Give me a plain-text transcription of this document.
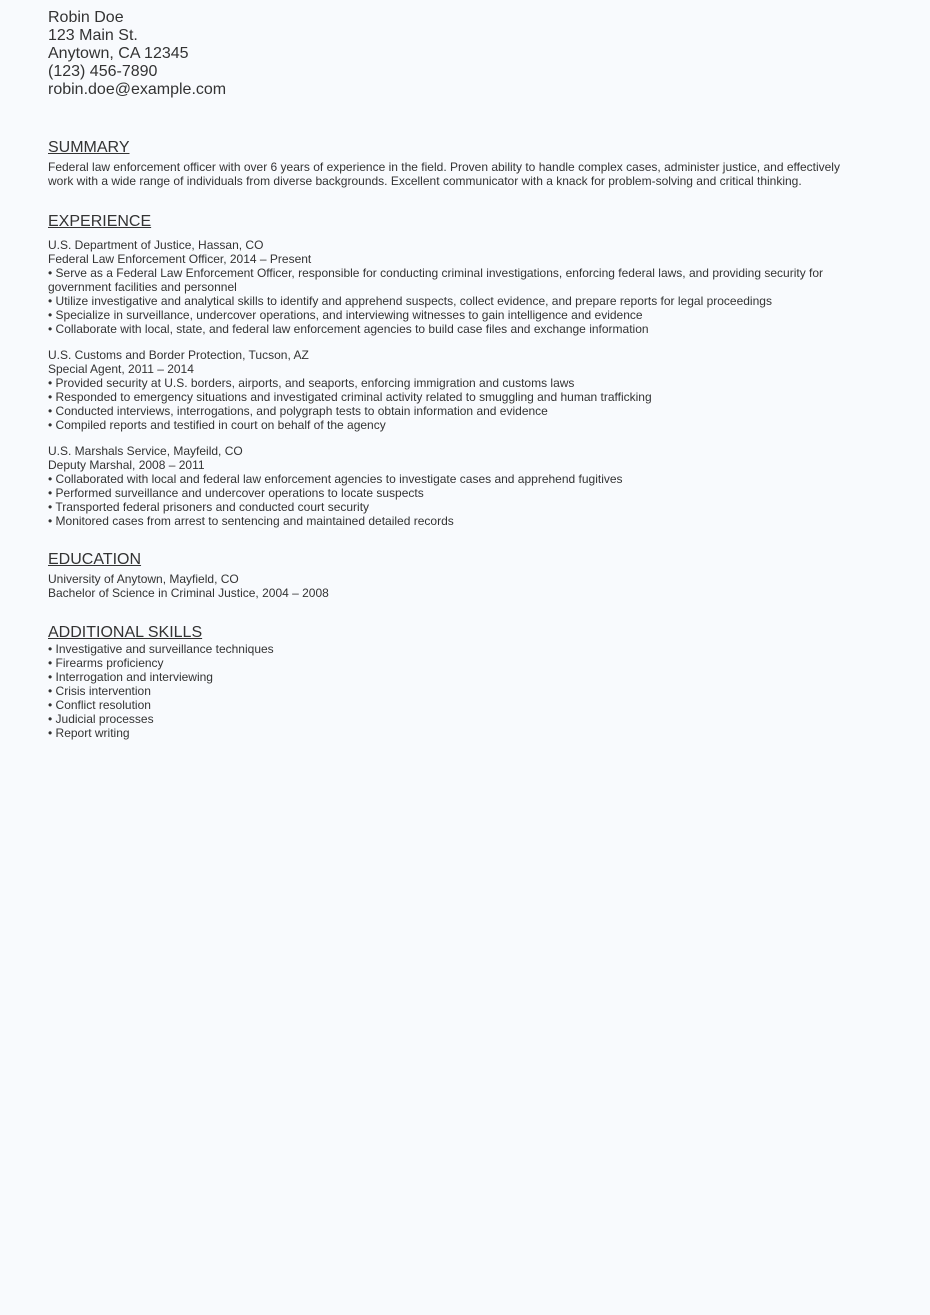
Robin Doe

123 Main St.

Anytown, CA 12345

(123) 456-7890

robin.doe@example.com

SUMMARY

Federal law enforcement officer with over 6 years of experience in the field. Proven ability to handle complex cases, administer justice, and effectively work with a wide range of individuals from diverse backgrounds. Excellent communicator with a knack for problem-solving and critical thinking.

EXPERIENCE

U.S. Department of Justice, Hassan, CO

Federal Law Enforcement Officer, 2014 – Present

• Serve as a Federal Law Enforcement Officer, responsible for conducting criminal investigations, enforcing federal laws, and providing security for government facilities and personnel
• Utilize investigative and analytical skills to identify and apprehend suspects, collect evidence, and prepare reports for legal proceedings
• Specialize in surveillance, undercover operations, and interviewing witnesses to gain intelligence and evidence
• Collaborate with local, state, and federal law enforcement agencies to build case files and exchange information

U.S. Customs and Border Protection, Tucson, AZ

Special Agent, 2011 – 2014

• Provided security at U.S. borders, airports, and seaports, enforcing immigration and customs laws
• Responded to emergency situations and investigated criminal activity related to smuggling and human trafficking
• Conducted interviews, interrogations, and polygraph tests to obtain information and evidence
• Compiled reports and testified in court on behalf of the agency

U.S. Marshals Service, Mayfeild, CO

Deputy Marshal, 2008 – 2011

• Collaborated with local and federal law enforcement agencies to investigate cases and apprehend fugitives
• Performed surveillance and undercover operations to locate suspects
• Transported federal prisoners and conducted court security
• Monitored cases from arrest to sentencing and maintained detailed records
EDUCATION

University of Anytown, Mayfield, CO

Bachelor of Science in Criminal Justice, 2004 – 2008

ADDITIONAL SKILLS
• Investigative and surveillance techniques
• Firearms proficiency
• Interrogation and interviewing
• Crisis intervention
• Conflict resolution
• Judicial processes
• Report writing
